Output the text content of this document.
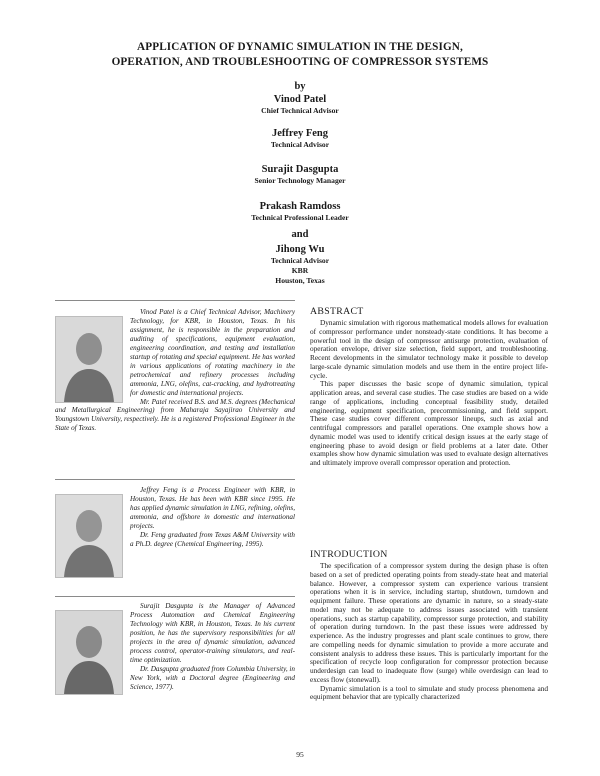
APPLICATION OF DYNAMIC SIMULATION IN THE DESIGN,
OPERATION, AND TROUBLESHOOTING OF COMPRESSOR SYSTEMS
by
Vinod Patel
Chief Technical Advisor
Jeffrey Feng
Technical Advisor
Surajit Dasgupta
Senior Technology Manager
Prakash Ramdoss
Technical Professional Leader
and
Jihong Wu
Technical Advisor
KBR
Houston, Texas

Vinod Patel is a Chief Technical Advisor, Machinery Technology, for KBR, in Houston, Texas. In his assignment, he is responsible in the preparation and auditing of specifications, equipment evaluation, engineering coordination, and testing and installation startup of rotating and special equipment. He has worked in various applications of rotating machinery in the petrochemical and refinery processes including ammonia, LNG, olefins, cat-cracking, and hydrotreating for domestic and international projects.

Mr. Patel received B.S. and M.S. degrees (Mechanical and Metallurgical Engineering) from Maharaja Sayajirao University and Youngstown University, respectively. He is a registered Professional Engineer in the State of Texas.

Jeffrey Feng is a Process Engineer with KBR, in Houston, Texas. He has been with KBR since 1995. He has applied dynamic simulation in LNG, refining, olefins, ammonia, and offshore in domestic and international projects.

Dr. Feng graduated from Texas A&M University with a Ph.D. degree (Chemical Engineering, 1995).

Surajit Dasgupta is the Manager of Advanced Process Automation and Chemical Engineering Technology with KBR, in Houston, Texas. In his current position, he has the supervisory responsibilities for all projects in the area of dynamic simulation, advanced process control, operator-training simulators, and real-time optimization.

Dr. Dasgupta graduated from Columbia University, in New York, with a Doctoral degree (Engineering and Science, 1977).

ABSTRACT

Dynamic simulation with rigorous mathematical models allows for evaluation of compressor performance under nonsteady-state conditions. It has become a powerful tool in the design of compressor antisurge protection, evaluation of operation envelope, driver size selection, field support, and troubleshooting. Recent developments in the simulator technology make it possible to develop large-scale dynamic simulation models and use them in the entire project life-cycle.

This paper discusses the basic scope of dynamic simulation, typical application areas, and several case studies. The case studies are based on a wide range of applications, including conceptual feasibility study, detailed engineering, equipment specification, precommissioning, and field support. These case studies cover different compressor lineups, such as axial and centrifugal compressors and parallel operations. One example shows how a dynamic model was used to identify critical design issues at the early stage of engineering phase to avoid design or field problems at a later date. Other examples show how dynamic simulation was used to evaluate design alternatives and ultimately improve overall compressor operation and protection.

INTRODUCTION

The specification of a compressor system during the design phase is often based on a set of predicted operating points from steady-state heat and material balance. However, a compressor system can experience various transient operations when it is in service, including startup, shutdown, turndown and equipment failure. These operations are dynamic in nature, so a steady-state model may not be adequate to address issues associated with transient operations, such as startup capability, compressor surge protection, and stability of operation during turndown. In the past these issues were addressed by experience. As the industry progresses and plant scale continues to grow, there are compelling needs for dynamic simulation to provide a more accurate and consistent analysis to address these issues. This is particularly important for the specification of recycle loop configuration for compressor protection because underdesign can lead to inadequate flow (surge) while overdesign can lead to excess flow (stonewall).

Dynamic simulation is a tool to simulate and study process phenomena and equipment behavior that are typically characterized

95
